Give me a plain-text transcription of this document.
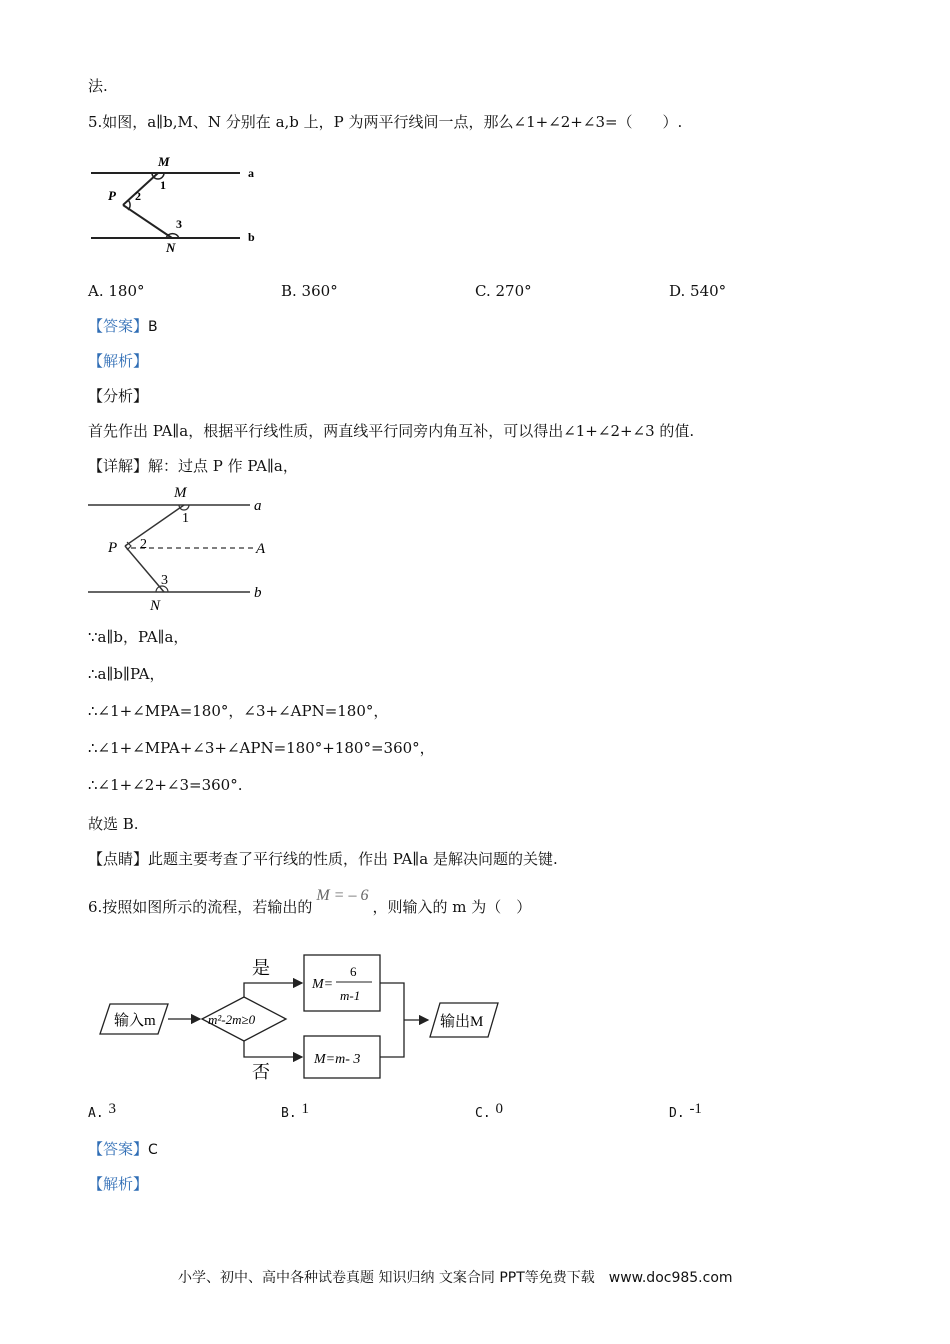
法.
5.如图，a∥b,M、N 分别在 a,b 上，P 为两平行线间一点，那么∠1+∠2+∠3=（　　）.
M
1
P 2
3
N
a
b
A. 180°	B. 360°	C. 270°	D. 540°
【答案】B
【解析】
【分析】
首先作出 PA∥a，根据平行线性质，两直线平行同旁内角互补，可以得出∠1+∠2+∠3 的值.
【详解】解：过点 P 作 PA∥a，
M
1
P 2	A
3
N
a
b
∵a∥b，PA∥a，
∴a∥b∥PA，
∴∠1+∠MPA=180°，∠3+∠APN=180°，
∴∠1+∠MPA+∠3+∠APN=180°+180°=360°，
∴∠1+∠2+∠3=360°.
故选 B.
【点睛】此题主要考查了平行线的性质，作出 PA∥a 是解决问题的关键.
6.按照如图所示的流程，若输出的M = – 6，则输入的 m 为（　）
输入m	m²-2m≥0
是
否
M=
6
m-1
M=m- 3
输出M
A. 3	B. 1	C. 0	D. -1
【答案】C
【解析】
小学、初中、高中各种试卷真题 知识归纳 文案合同 PPT等免费下载　www.doc985.com
